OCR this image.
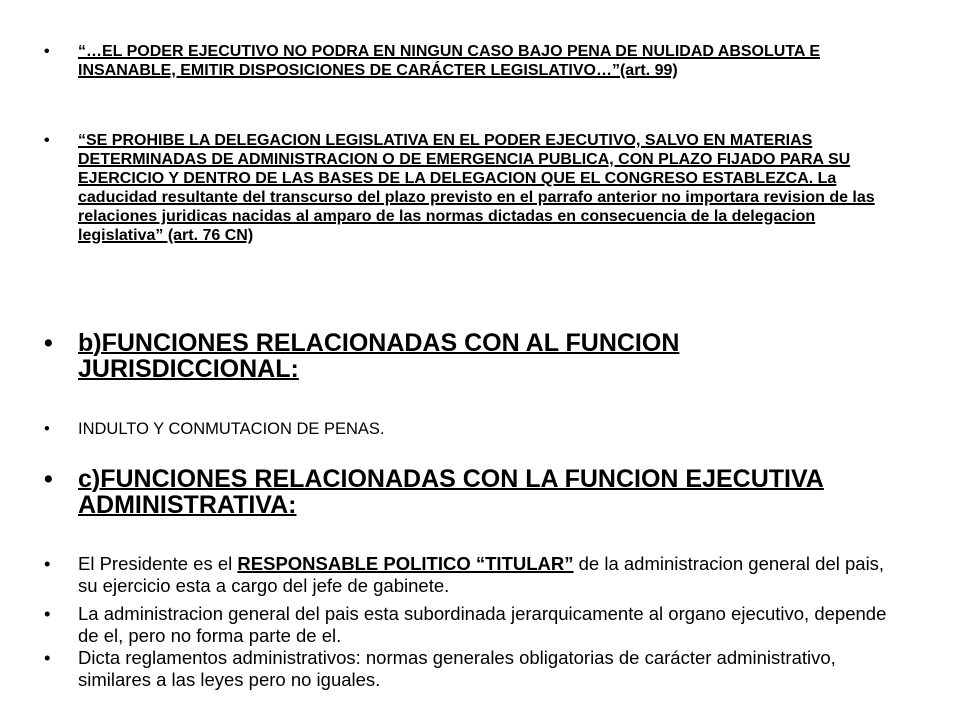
•	“…EL PODER EJECUTIVO NO PODRA EN NINGUN CASO BAJO PENA DE NULIDAD ABSOLUTA E INSANABLE, EMITIR DISPOSICIONES DE CARÁCTER LEGISLATIVO…”(art. 99)
•	“SE PROHIBE LA DELEGACION LEGISLATIVA EN EL PODER EJECUTIVO, SALVO EN MATERIAS DETERMINADAS DE ADMINISTRACION O DE EMERGENCIA PUBLICA, CON PLAZO FIJADO PARA SU EJERCICIO Y DENTRO DE LAS BASES DE LA DELEGACION QUE EL CONGRESO ESTABLEZCA. La caducidad resultante del transcurso del plazo previsto en el parrafo anterior no importara revision de las relaciones juridicas nacidas al amparo de las normas dictadas en consecuencia de la delegacion legislativa” (art. 76 CN)
•	b)FUNCIONES RELACIONADAS CON AL FUNCION JURISDICCIONAL:
•	INDULTO Y CONMUTACION DE PENAS.
•	c)FUNCIONES RELACIONADAS CON LA FUNCION EJECUTIVA ADMINISTRATIVA:
•	El Presidente es el RESPONSABLE POLITICO “TITULAR” de la administracion general del pais, su ejercicio esta a cargo del jefe de gabinete.
•	La administracion general del pais esta subordinada jerarquicamente al organo ejecutivo, depende de el, pero no forma parte de el.
•	Dicta reglamentos administrativos: normas generales obligatorias de carácter administrativo, similares a las leyes pero no iguales.
